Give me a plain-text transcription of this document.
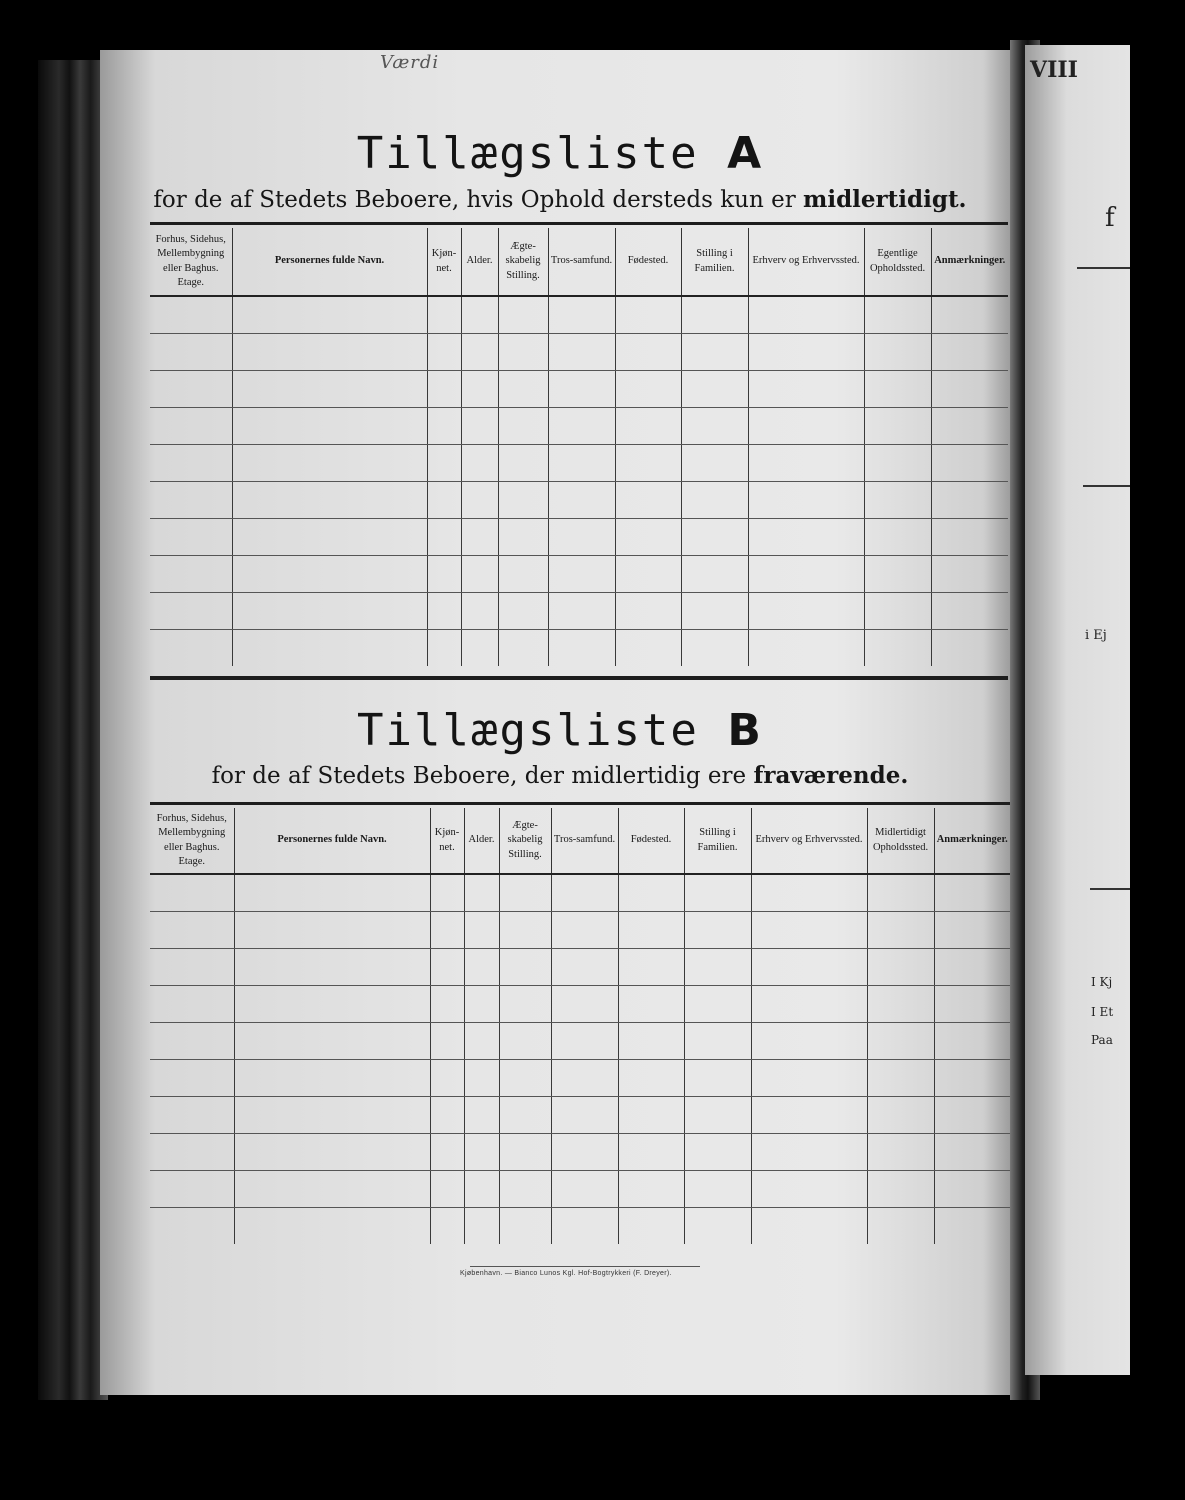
VIII
f
i Ej
I Kj
I Et
Paa
Værdi
Tillægsliste A
for de af Stedets Beboere, hvis Ophold dersteds kun er midlertidigt.
Forhus, Sidehus, Mellembygning eller Baghus. Etage.	Personernes fulde Navn.	Kjøn-net.	Alder.	Ægte-skabelig Stilling.	Tros-samfund.	Fødested.	Stilling i Familien.	Erhverv og Erhvervssted.	Egentlige Opholdssted.	Anmærkninger.

Tillægsliste B
for de af Stedets Beboere, der midlertidig ere fraværende.
Forhus, Sidehus, Mellembygning eller Baghus. Etage.	Personernes fulde Navn.	Kjøn-net.	Alder.	Ægte-skabelig Stilling.	Tros-samfund.	Fødested.	Stilling i Familien.	Erhverv og Erhvervssted.	Midlertidigt Opholdssted.	Anmærkninger.

Kjøbenhavn. — Bianco Lunos Kgl. Hof-Bogtrykkeri (F. Dreyer).
